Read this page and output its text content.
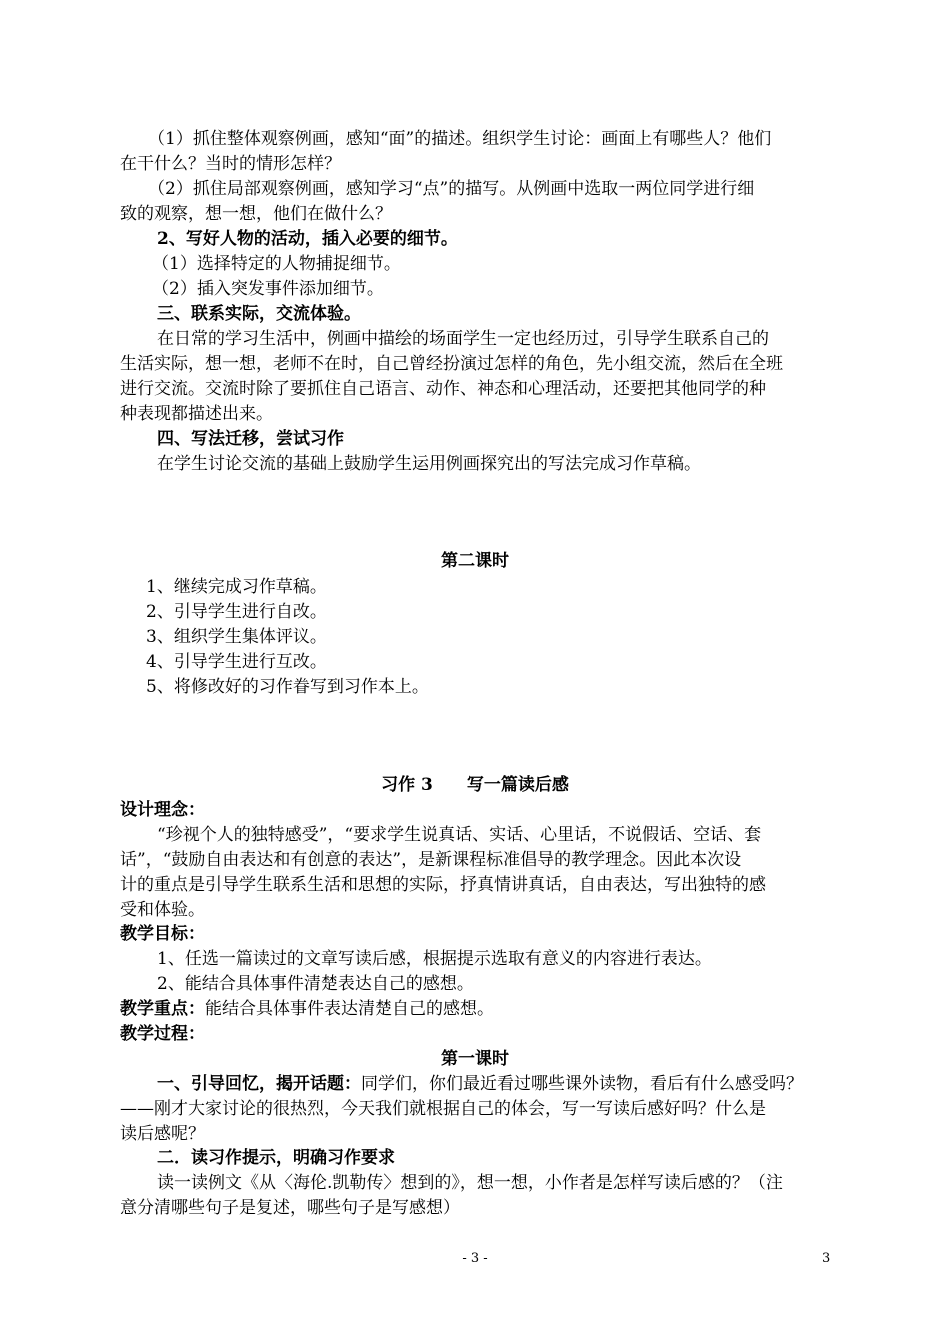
（1）抓住整体观察例画，感知“面”的描述。组织学生讨论：画面上有哪些人？他们
在干什么？当时的情形怎样？
（2）抓住局部观察例画，感知学习“点”的描写。从例画中选取一两位同学进行细
致的观察，想一想，他们在做什么？
2、写好人物的活动，插入必要的细节。
（1）选择特定的人物捕捉细节。
（2）插入突发事件添加细节。
三、联系实际，交流体验。
在日常的学习生活中，例画中描绘的场面学生一定也经历过，引导学生联系自己的
生活实际，想一想，老师不在时，自己曾经扮演过怎样的角色，先小组交流，然后在全班
进行交流。交流时除了要抓住自己语言、动作、神态和心理活动，还要把其他同学的种
种表现都描述出来。
四、写法迁移，尝试习作
在学生讨论交流的基础上鼓励学生运用例画探究出的写法完成习作草稿。
第二课时
1、继续完成习作草稿。
2、引导学生进行自改。
3、组织学生集体评议。
4、引导学生进行互改。
5、将修改好的习作眷写到习作本上。
习作 3　　写一篇读后感
设计理念：
“珍视个人的独特感受”，“要求学生说真话、实话、心里话，不说假话、空话、套
话”，“鼓励自由表达和有创意的表达”，是新课程标准倡导的教学理念。因此本次设
计的重点是引导学生联系生活和思想的实际，抒真情讲真话，自由表达，写出独特的感
受和体验。
教学目标：
1、任选一篇读过的文章写读后感，根据提示选取有意义的内容进行表达。
2、能结合具体事件清楚表达自己的感想。
教学重点：能结合具体事件表达清楚自己的感想。
教学过程：
第一课时
一、引导回忆，揭开话题：同学们，你们最近看过哪些课外读物，看后有什么感受吗？
——刚才大家讨论的很热烈，今天我们就根据自己的体会，写一写读后感好吗？什么是
读后感呢？
二．读习作提示，明确习作要求
读一读例文《从〈海伦.凯勒传〉想到的》，想一想，小作者是怎样写读后感的？（注
意分清哪些句子是复述，哪些句子是写感想）
- 3 -	3
